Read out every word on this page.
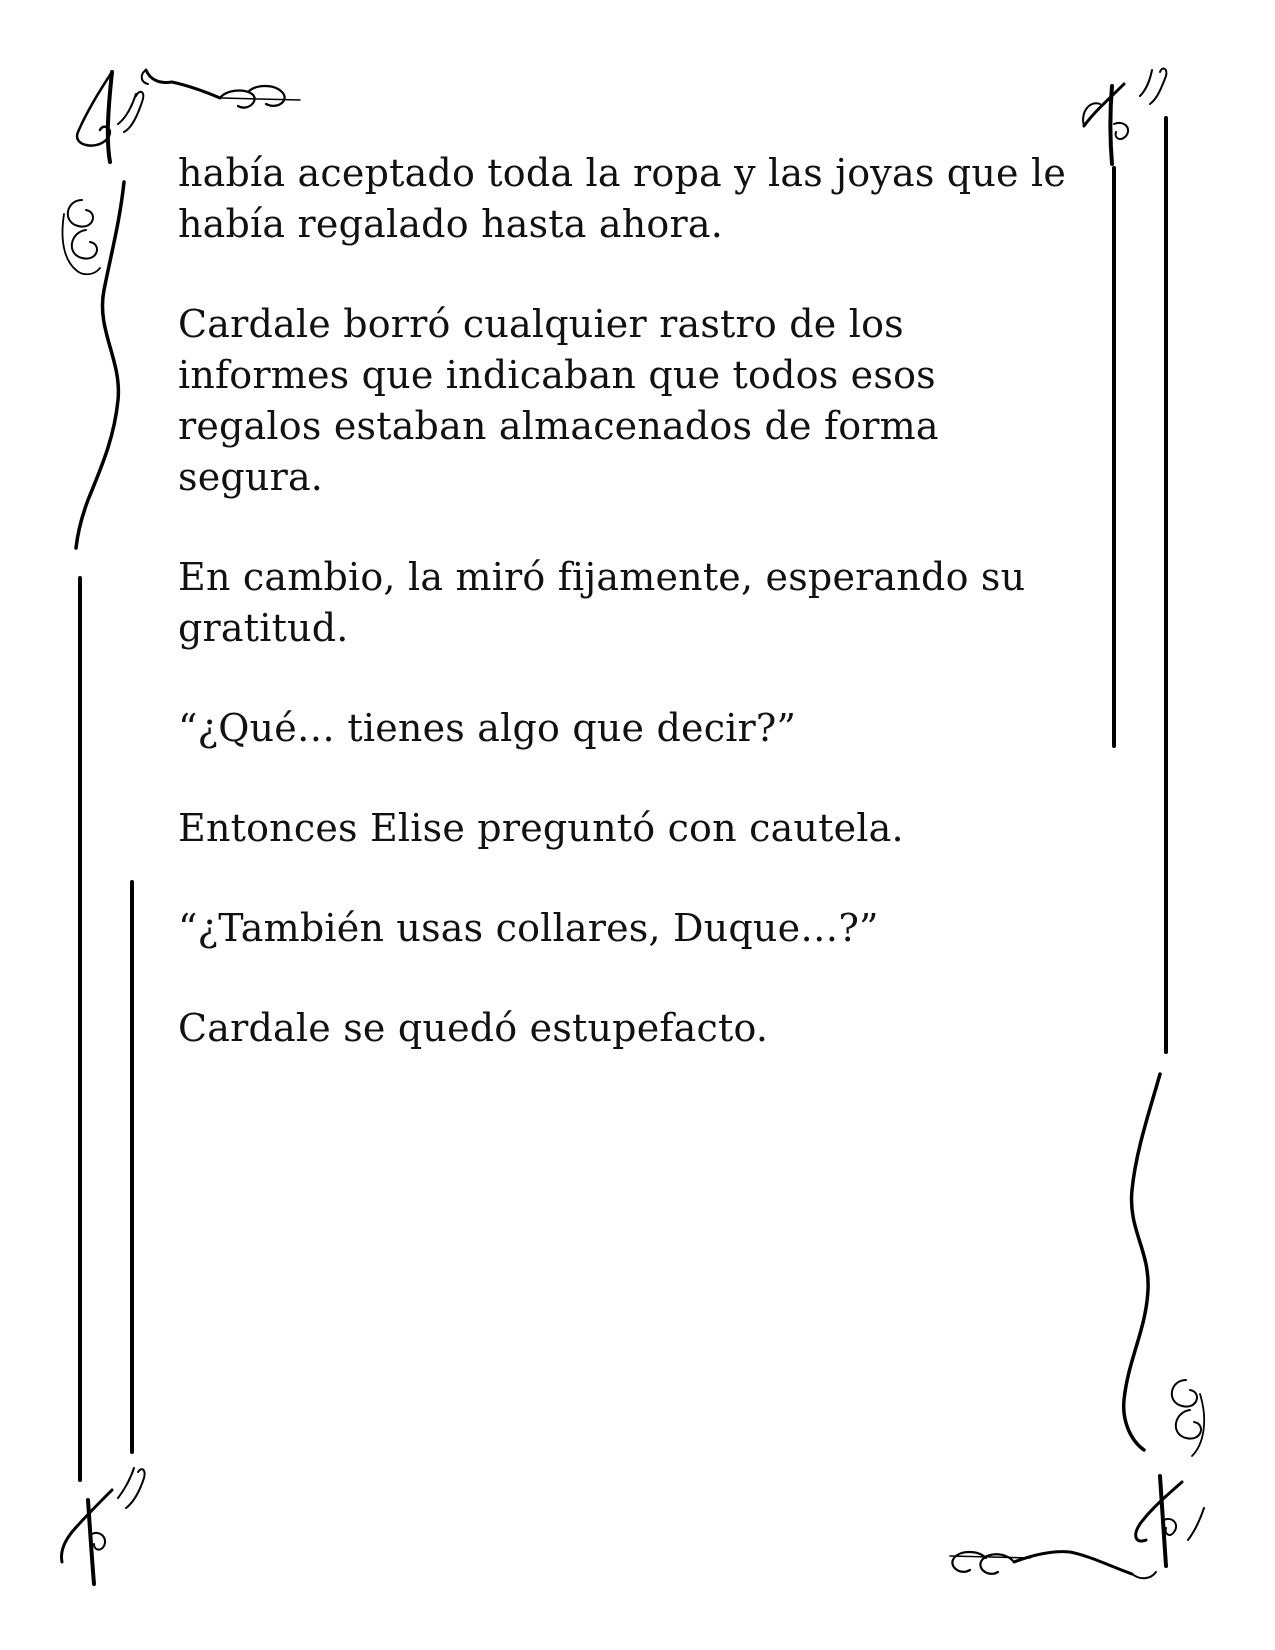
había aceptado toda la ropa y las joyas que le había regalado hasta ahora.

Cardale borró cualquier rastro de los informes que indicaban que todos esos regalos estaban almacenados de forma segura.

En cambio, la miró fijamente, esperando su gratitud.

“¿Qué… tienes algo que decir?”

Entonces Elise preguntó con cautela.

“¿También usas collares, Duque…?”

Cardale se quedó estupefacto.
